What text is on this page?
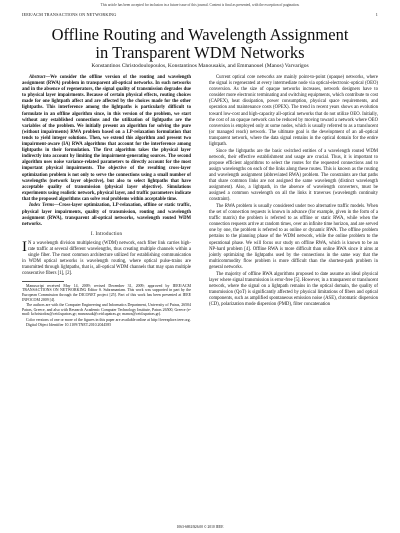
This article has been accepted for inclusion in a future issue of this journal. Content is final as presented, with the exception of pagination.
IEEE/ACM TRANSACTIONS ON NETWORKING	1
Offline Routing and Wavelength Assignment
in Transparent WDM Networks
Konstantinos Christodoulopoulos, Konstantinos Manousakis, and Emmanouel (Manos) Varvarigos

Abstract—We consider the offline version of the routing and wavelength assignment (RWA) problem in transparent all-optical networks. In such networks and in the absence of regenerators, the signal quality of transmission degrades due to physical layer impairments. Because of certain physical effects, routing choices made for one lightpath affect and are affected by the choices made for the other lightpaths. This interference among the lightpaths is particularly difficult to formulate in an offline algorithm since, in this version of the problem, we start without any established connections and the utilization of lightpaths are the variables of the problem. We initially present an algorithm for solving the pure (without impairments) RWA problem based on a LP-relaxation formulation that tends to yield integer solutions. Then, we extend this algorithm and present two impairment-aware (IA) RWA algorithms that account for the interference among lightpaths in their formulation. The first algorithm takes the physical layer indirectly into account by limiting the impairment-generating sources. The second algorithm uses noise variance-related parameters to directly account for the most important physical impairments. The objective of the resulting cross-layer optimization problem is not only to serve the connections using a small number of wavelengths (network layer objective), but also to select lightpaths that have acceptable quality of transmission (physical layer objective). Simulations experiments using realistic network, physical layer, and traffic parameters indicate that the proposed algorithms can solve real problems within acceptable time.

Index Terms—Cross-layer optimization, LP-relaxation, offline or static traffic, physical layer impairments, quality of transmission, routing and wavelength assignment (RWA), transparent all-optical networks, wavelength routed WDM networks.

I. Introduction

I N a wavelength division multiplexing (WDM) network, each fiber link carries high-rate traffic at several different wavelengths, thus creating multiple channels within a single fiber. The most common architecture utilized for establishing communication in WDM optical networks is wavelength routing, where optical pulse-trains are transmitted through lightpaths, that is, all-optical WDM channels that may span multiple consecutive fibers [1], [2].

Manuscript received May 14, 2009; revised December 31, 2009; approved by IEEE/ACM TRANSACTIONS ON NETWORKING Editor S. Subramaniam. This work was supported in part by the European Commission through the DICONET project [25]. Part of this work has been presented at IEEE INFOCOM 2009 [4].

The authors are with the Computer Engineering and Informatics Department, University of Patras, 26504 Patras, Greece, and also with Research Academic Computer Technology Institute, Patras 26500, Greece (e-mail: kchristodou@ceid.upatras.gr; manousak@ceid.upatras.gr; manos@ceid.upatras.gr).

Color versions of one or more of the figures in this paper are available online at http://ieeexplore.ieee.org.

Digital Object Identifier 10.1109/TNET.2010.2044585

Current optical core networks are mainly point-to-point (opaque) networks, where the signal is regenerated at every intermediate node via optical-electronic-optical (OEO) conversion. As the size of opaque networks increases, network designers have to consider more electronic terminating and switching equipments, which contribute to cost (CAPEX), heat dissipation, power consumption, physical space requirements, and operation and maintenance costs (OPEX). The trend in recent years shows an evolution toward low-cost and high-capacity all-optical networks that do not utilize OEO. Initially, the cost of an opaque network can be reduced by moving toward a network where OEO conversion is employed only at some nodes, which is usually referred to as a translucent (or managed reach) network. The ultimate goal is the development of an all-optical transparent network, where the data signal remains in the optical domain for the entire lightpath.

Since the lightpaths are the basic switched entities of a wavelength routed WDM network, their effective establishment and usage are crucial. Thus, it is important to propose efficient algorithms to select the routes for the requested connections and to assign wavelengths on each of the links along these routes. This is known as the routing and wavelength assignment (abbreviated RWA) problem. The constraints are that paths that share common links are not assigned the same wavelength (distinct wavelength assignment). Also, a lightpath, in the absence of wavelength converters, must be assigned a common wavelength on all the links it traverses (wavelength continuity constraint).

The RWA problem is usually considered under two alternative traffic models. When the set of connection requests is known in advance (for example, given in the form of a traffic matrix) the problem is referred to as offline or static RWA, while when the connection requests arrive at random times, over an infinite time horizon, and are served one by one, the problem is referred to as online or dynamic RWA. The offline problem pertains to the planning phase of the WDM network, while the online problem to the operational phase. We will focus our study on offline RWA, which is known to be an NP-hard problem [4]. Offline RWA is more difficult than online RWA since it aims at jointly optimizing the lightpaths used by the connections in the same way that the multicommodity flow problem is more difficult than the shortest-path problem in general networks.

The majority of offline RWA algorithms proposed to date assume an ideal physical layer where signal transmission is error-free [5]. However, in a transparent or translucent network, where the signal on a lightpath remains in the optical domain, the quality of transmission (QoT) is significantly affected by physical limitations of fibers and optical components, such as amplified spontaneous emission noise (ASE), chromatic dispersion (CD), polarization mode dispersion (PMD), filter concatenation

1063-6692/$26.00 © 2010 IEEE
